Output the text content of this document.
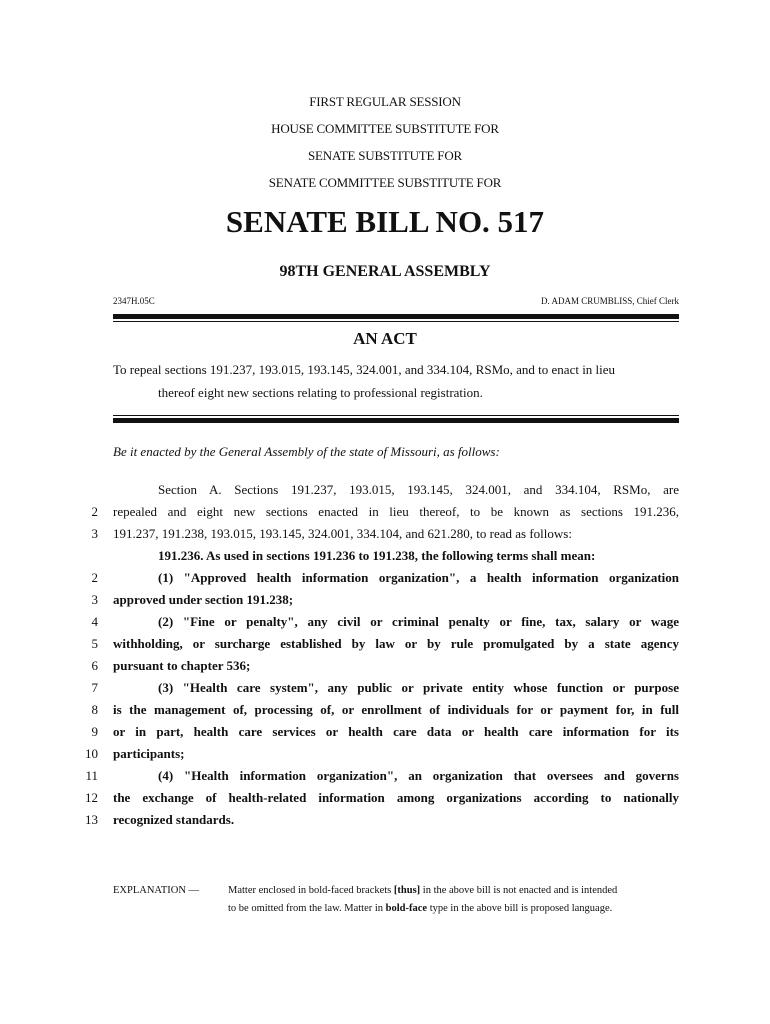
FIRST REGULAR SESSION
HOUSE COMMITTEE SUBSTITUTE FOR
SENATE SUBSTITUTE FOR
SENATE COMMITTEE SUBSTITUTE FOR
SENATE BILL NO. 517
98TH GENERAL ASSEMBLY
2347H.05C	D. ADAM CRUMBLISS, Chief Clerk
AN ACT
To repeal sections 191.237, 193.015, 193.145, 324.001, and 334.104, RSMo, and to enact in lieu
thereof eight new sections relating to professional registration.
Be it enacted by the General Assembly of the state of Missouri, as follows:
Section A. Sections 191.237, 193.015, 193.145, 324.001, and 334.104, RSMo, are
2 repealed and eight new sections enacted in lieu thereof, to be known as sections 191.236,
3 191.237, 191.238, 193.015, 193.145, 324.001, 334.104, and 621.280, to read as follows:
191.236. As used in sections 191.236 to 191.238, the following terms shall mean:
2	(1) "Approved health information organization", a health information organization
3 approved under section 191.238;
4	(2) "Fine or penalty", any civil or criminal penalty or fine, tax, salary or wage
5 withholding, or surcharge established by law or by rule promulgated by a state agency
6 pursuant to chapter 536;
7	(3) "Health care system", any public or private entity whose function or purpose
8 is the management of, processing of, or enrollment of individuals for or payment for, in full
9 or in part, health care services or health care data or health care information for its
10 participants;
11	(4) "Health information organization", an organization that oversees and governs
12 the exchange of health-related information among organizations according to nationally
13 recognized standards.
EXPLANATION —	Matter enclosed in bold-faced brackets [thus] in the above bill is not enacted and is intended
to be omitted from the law. Matter in bold-face type in the above bill is proposed language.
